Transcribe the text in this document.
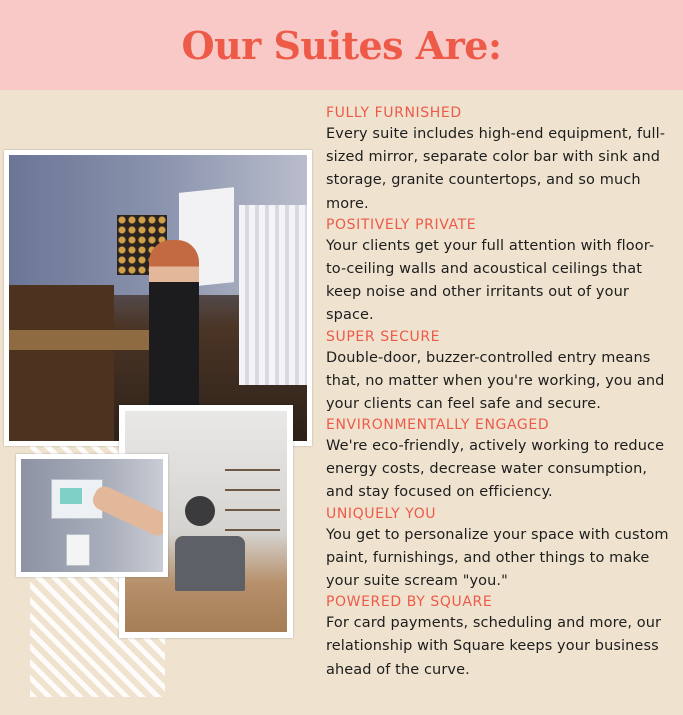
Our Suites Are:
FULLY FURNISHED
Every suite includes high-end equipment, full-
sized mirror, separate color bar with sink and
storage, granite countertops, and so much
more.
POSITIVELY PRIVATE
Your clients get your full attention with floor-
to-ceiling walls and acoustical ceilings that
keep noise and other irritants out of your
space.
SUPER SECURE
Double-door, buzzer-controlled entry means
that, no matter when you're working, you and
your clients can feel safe and secure.
ENVIRONMENTALLY ENGAGED
We're eco-friendly, actively working to reduce
energy costs, decrease water consumption,
and stay focused on efficiency.
UNIQUELY YOU
You get to personalize your space with custom
paint, furnishings, and other things to make
your suite scream "you."
POWERED BY SQUARE
For card payments, scheduling and more, our
relationship with Square keeps your business
ahead of the curve.
